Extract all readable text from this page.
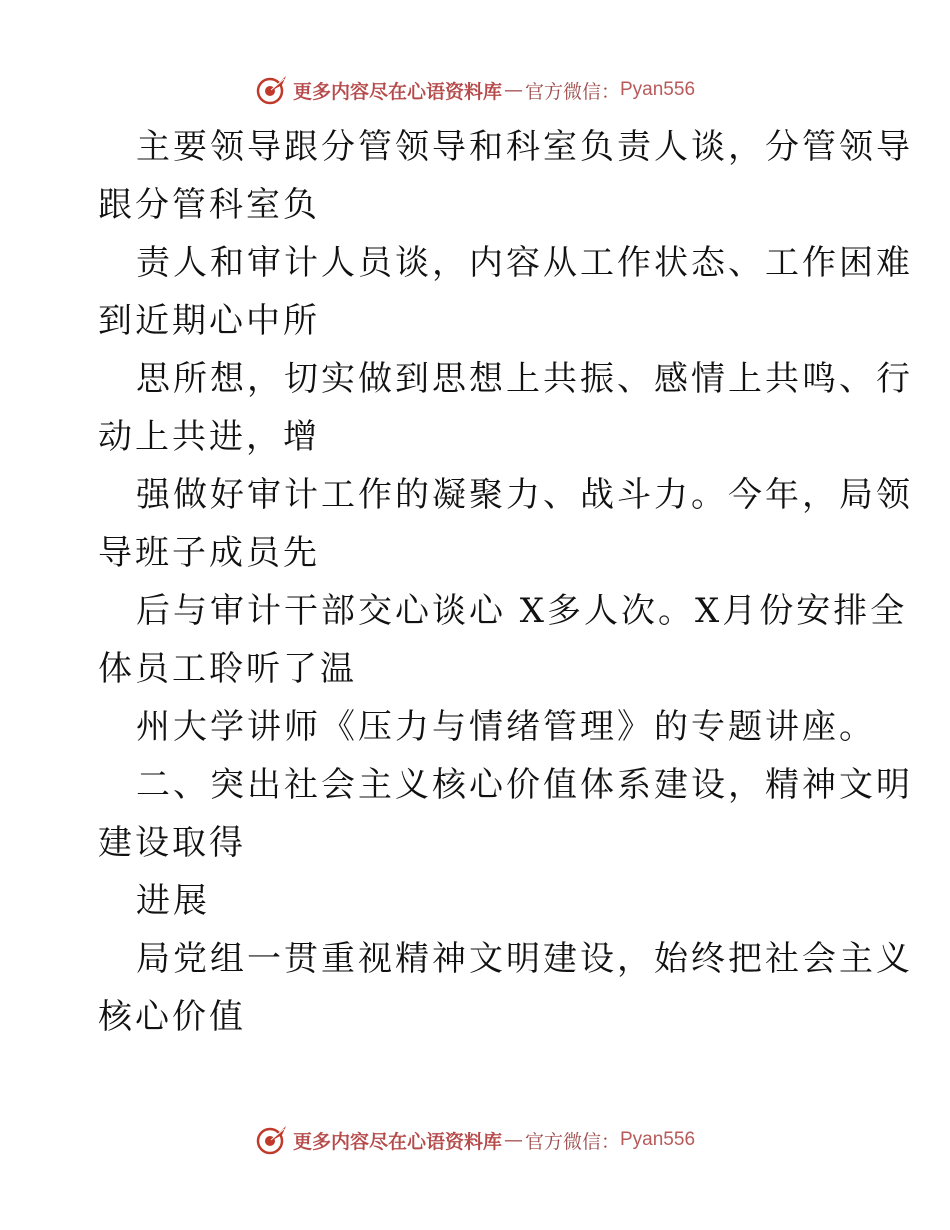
更多内容尽在心语资料库 — 官方微信： Pyan556
主要领导跟分管领导和科室负责人谈，分管领导
跟分管科室负
责人和审计人员谈，内容从工作状态、工作困难
到近期心中所
思所想，切实做到思想上共振、感情上共鸣、行
动上共进，增
强做好审计工作的凝聚力、战斗力。今年，局领
导班子成员先
后与审计干部交心谈心 X多人次。X月份安排全
体员工聆听了温
州大学讲师《压力与情绪管理》的专题讲座。
二、突出社会主义核心价值体系建设，精神文明
建设取得
进展
局党组一贯重视精神文明建设，始终把社会主义
核心价值
更多内容尽在心语资料库 — 官方微信： Pyan556
